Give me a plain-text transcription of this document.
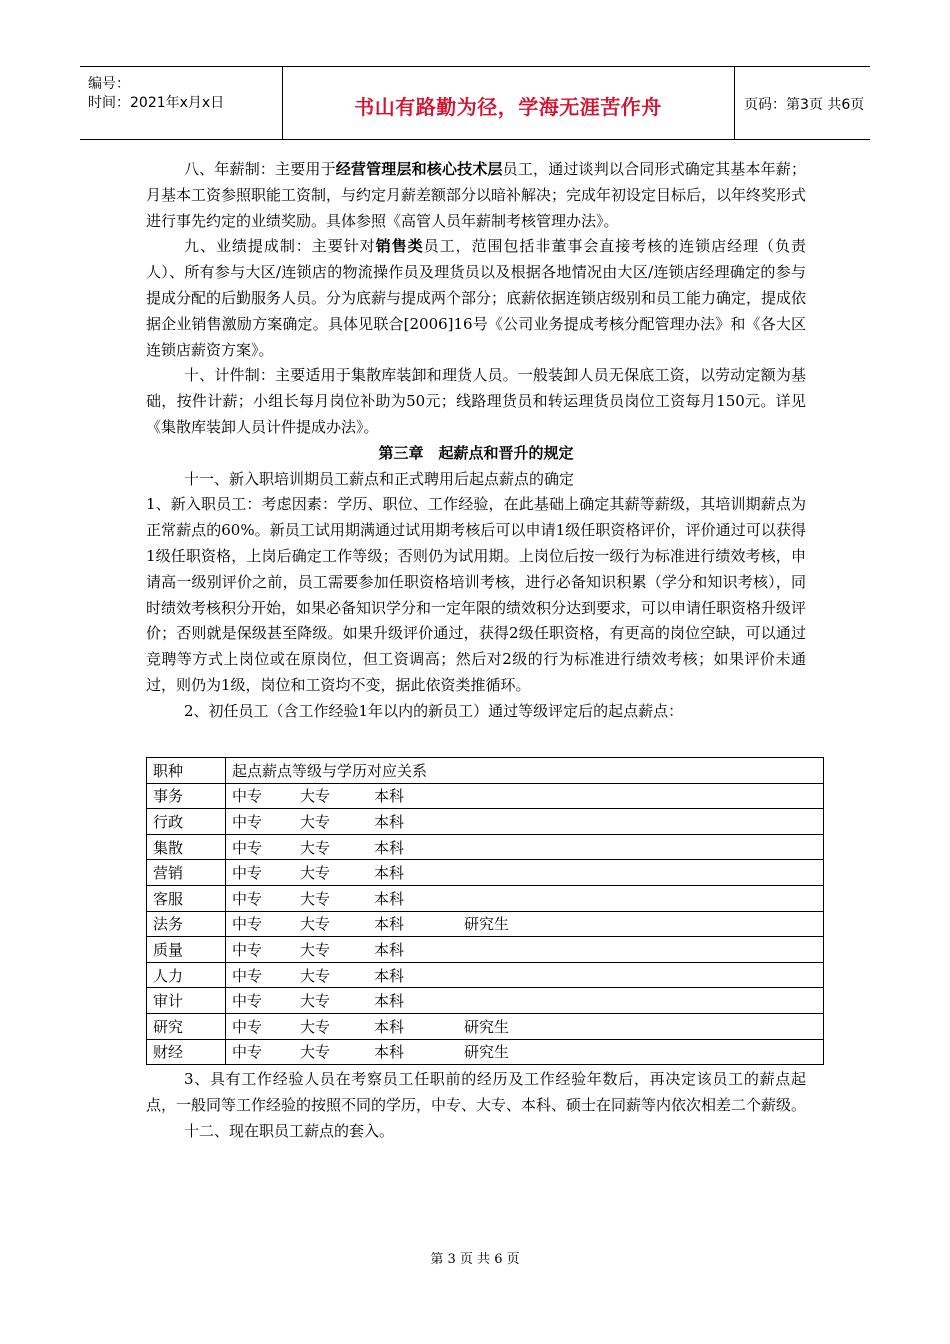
编号：
时间：2021年x月x日	书山有路勤为径，学海无涯苦作舟	页码：第3页 共6页

八、年薪制：主要用于经营管理层和核心技术层员工，通过谈判以合同形式确定其基本年薪；月基本工资参照职能工资制，与约定月薪差额部分以暗补解决；完成年初设定目标后，以年终奖形式进行事先约定的业绩奖励。具体参照《高管人员年薪制考核管理办法》。

九、业绩提成制：主要针对销售类员工，范围包括非董事会直接考核的连锁店经理（负责人）、所有参与大区/连锁店的物流操作员及理货员以及根据各地情况由大区/连锁店经理确定的参与提成分配的后勤服务人员。分为底薪与提成两个部分；底薪依据连锁店级别和员工能力确定，提成依据企业销售激励方案确定。具体见联合[2006]16号《公司业务提成考核分配管理办法》和《各大区连锁店薪资方案》。

十、计件制：主要适用于集散库装卸和理货人员。一般装卸人员无保底工资，以劳动定额为基础，按件计薪；小组长每月岗位补助为50元；线路理货员和转运理货员岗位工资每月150元。详见《集散库装卸人员计件提成办法》。

第三章　起薪点和晋升的规定

十一、新入职培训期员工薪点和正式聘用后起点薪点的确定

1、新入职员工：考虑因素：学历、职位、工作经验，在此基础上确定其薪等薪级，其培训期薪点为正常薪点的60%。新员工试用期满通过试用期考核后可以申请1级任职资格评价，评价通过可以获得1级任职资格，上岗后确定工作等级；否则仍为试用期。上岗位后按一级行为标准进行绩效考核，申请高一级别评价之前，员工需要参加任职资格培训考核，进行必备知识积累（学分和知识考核），同时绩效考核积分开始，如果必备知识学分和一定年限的绩效积分达到要求，可以申请任职资格升级评价；否则就是保级甚至降级。如果升级评价通过，获得2级任职资格，有更高的岗位空缺，可以通过竞聘等方式上岗位或在原岗位，但工资调高；然后对2级的行为标准进行绩效考核；如果评价未通过，则仍为1级，岗位和工资均不变，据此依资类推循环。

2、初任员工（含工作经验1年以内的新员工）通过等级评定后的起点薪点：

职种	起点薪点等级与学历对应关系
事务	中专 大专 本科
行政	中专 大专 本科
集散	中专 大专 本科
营销	中专 大专 本科
客服	中专 大专 本科
法务	中专 大专 本科 研究生
质量	中专 大专 本科
人力	中专 大专 本科
审计	中专 大专 本科
研究	中专 大专 本科 研究生
财经	中专 大专 本科 研究生

3、具有工作经验人员在考察员工任职前的经历及工作经验年数后，再决定该员工的薪点起点，一般同等工作经验的按照不同的学历，中专、大专、本科、硕士在同薪等内依次相差二个薪级。

十二、现在职员工薪点的套入。

第 3 页 共 6 页
